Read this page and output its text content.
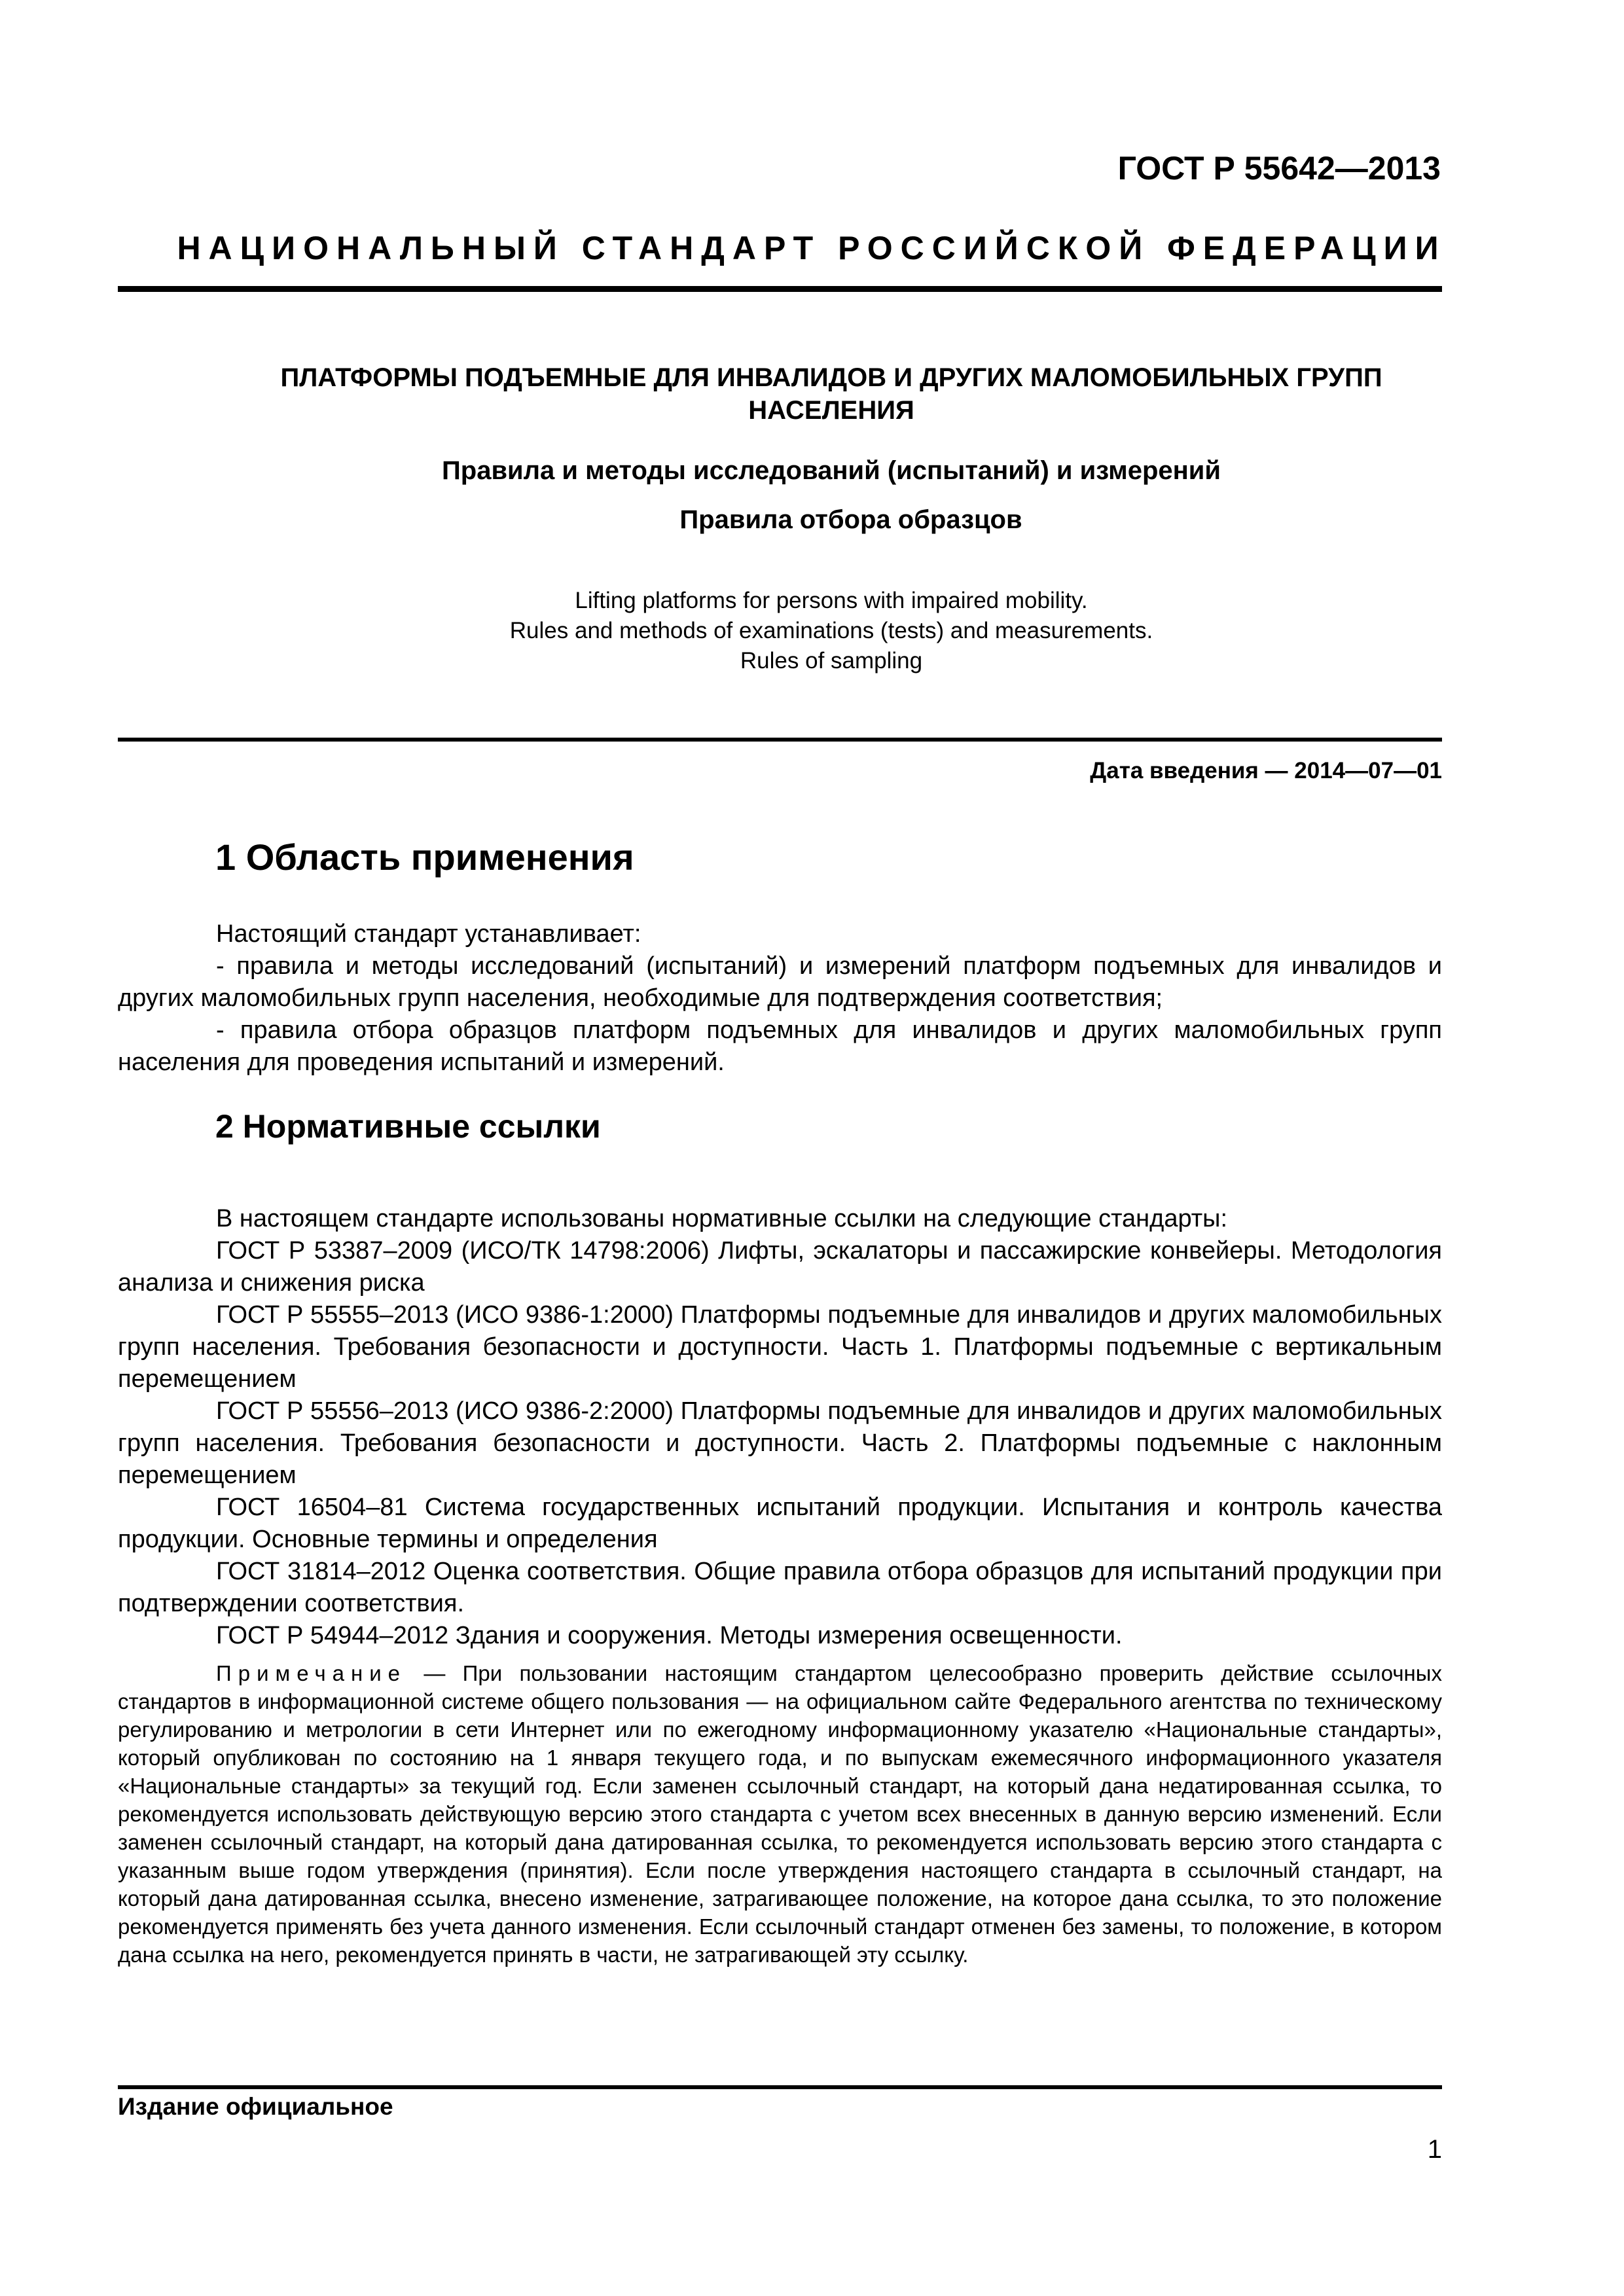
ГОСТ Р 55642—2013
НАЦИОНАЛЬНЫЙ СТАНДАРТ РОССИЙСКОЙ ФЕДЕРАЦИИ
ПЛАТФОРМЫ ПОДЪЕМНЫЕ ДЛЯ ИНВАЛИДОВ И ДРУГИХ МАЛОМОБИЛЬНЫХ ГРУПП
НАСЕЛЕНИЯ
Правила и методы исследований (испытаний) и измерений
Правила отбора образцов
Lifting platforms for persons with impaired mobility.
Rules and methods of examinations (tests) and measurements.
Rules of sampling
Дата введения — 2014—07—01
1 Область применения

Настоящий стандарт устанавливает:

- правила и методы исследований (испытаний) и измерений платформ подъемных для инвалидов и других маломобильных групп населения, необходимые для подтверждения соответствия;

- правила отбора образцов платформ подъемных для инвалидов и других маломобильных групп населения для проведения испытаний и измерений.

2 Нормативные ссылки

В настоящем стандарте использованы нормативные ссылки на следующие стандарты:

ГОСТ Р 53387–2009 (ИСО/ТК 14798:2006) Лифты, эскалаторы и пассажирские конвейеры. Методология анализа и снижения риска

ГОСТ Р 55555–2013 (ИСО 9386-1:2000) Платформы подъемные для инвалидов и других маломобильных групп населения. Требования безопасности и доступности. Часть 1. Платформы подъемные с вертикальным перемещением

ГОСТ Р 55556–2013 (ИСО 9386-2:2000) Платформы подъемные для инвалидов и других маломобильных групп населения. Требования безопасности и доступности. Часть 2. Платформы подъемные с наклонным перемещением

ГОСТ 16504–81 Система государственных испытаний продукции. Испытания и контроль качества продукции. Основные термины и определения

ГОСТ 31814–2012 Оценка соответствия. Общие правила отбора образцов для испытаний продукции при подтверждении соответствия.

ГОСТ Р 54944–2012 Здания и сооружения. Методы измерения освещенности.

Примечание — При пользовании настоящим стандартом целесообразно проверить действие ссылочных стандартов в информационной системе общего пользования — на официальном сайте Федерального агентства по техническому регулированию и метрологии в сети Интернет или по ежегодному информационному указателю «Национальные стандарты», который опубликован по состоянию на 1 января текущего года, и по выпускам ежемесячного информационного указателя «Национальные стандарты» за текущий год. Если заменен ссылочный стандарт, на который дана недатированная ссылка, то рекомендуется использовать действующую версию этого стандарта с учетом всех внесенных в данную версию изменений. Если заменен ссылочный стандарт, на который дана датированная ссылка, то рекомендуется использовать версию этого стандарта с указанным выше годом утверждения (принятия). Если после утверждения настоящего стандарта в ссылочный стандарт, на который дана датированная ссылка, внесено изменение, затрагивающее положение, на которое дана ссылка, то это положение рекомендуется применять без учета данного изменения. Если ссылочный стандарт отменен без замены, то положение, в котором дана ссылка на него, рекомендуется принять в части, не затрагивающей эту ссылку.

Издание официальное
1
